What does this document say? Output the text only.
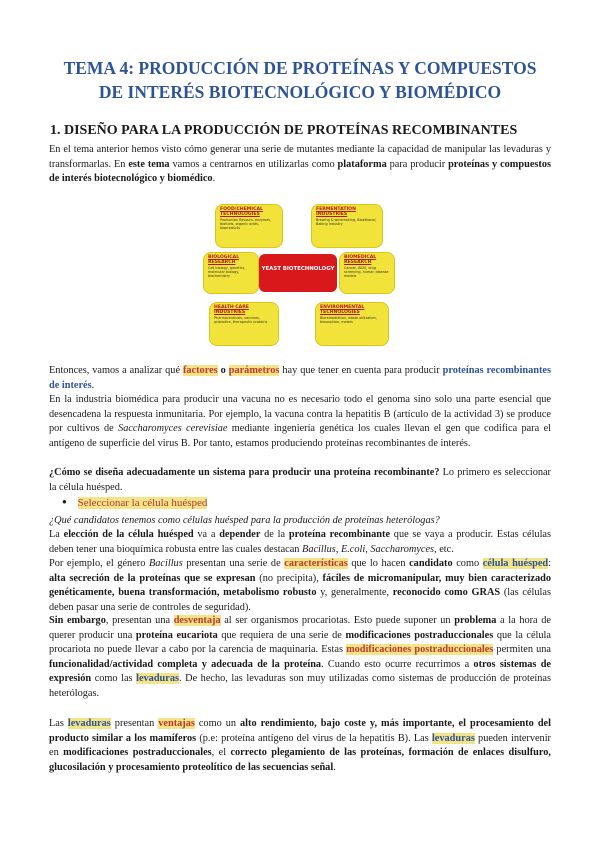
TEMA 4: PRODUCCIÓN DE PROTEÍNAS Y COMPUESTOS
DE INTERÉS BIOTECNOLÓGICO Y BIOMÉDICO
1. DISEÑO PARA LA PRODUCCIÓN DE PROTEÍNAS RECOMBINANTES
En el tema anterior hemos visto cómo generar una serie de mutantes mediante la capacidad de manipular las levaduras y transformarlas. En este tema vamos a centrarnos en utilizarlas como plataforma para producir proteínas y compuestos de interés biotecnológico y biomédico.
FOOD/CHEMICAL TECHNOLOGIES
Production flavours, enzymes, biofuels, organic acids, bioproducts
FERMENTATION INDUSTRIES
Brewing & winemaking, Bioethanol, Baking industry
BIOLOGICAL RESEARCH
Cell biology, genetics, molecular biology, biochemistry
YEAST BIOTECHNOLOGY
BIOMEDICAL RESEARCH
Cancer, AIDS, drug screening, human disease models
HEALTH CARE INDUSTRIES
Pharmaceuticals, vaccines, probiotics, therapeutic proteins
ENVIRONMENTAL TECHNOLOGIES
Bioremediation, waste utilization, biosorption, metals
Entonces, vamos a analizar qué factores o parámetros hay que tener en cuenta para producir proteínas recombinantes de interés.
En la industria biomédica para producir una vacuna no es necesario todo el genoma sino solo una parte esencial que desencadena la respuesta inmunitaria. Por ejemplo, la vacuna contra la hepatitis B (artículo de la actividad 3) se produce por cultivos de Saccharomyces cerevisiae mediante ingeniería genética los cuales llevan el gen que codifica para el antígeno de superficie del virus B. Por tanto, estamos produciendo proteínas recombinantes de interés.
¿Cómo se diseña adecuadamente un sistema para producir una proteína recombinante? Lo primero es seleccionar la célula huésped.
● Seleccionar la célula huésped
¿Qué candidatos tenemos como células huésped para la producción de proteínas heterólogas?
La elección de la célula huésped va a depender de la proteína recombinante que se vaya a producir. Estas células deben tener una bioquímica robusta entre las cuales destacan Bacillus, E.coli, Saccharomyces, etc.
Por ejemplo, el género Bacillus presentan una serie de características que lo hacen candidato como célula huésped: alta secreción de la proteínas que se expresan (no precipita), fáciles de micromanipular, muy bien caracterizado genéticamente, buena transformación, metabolismo robusto y, generalmente, reconocido como GRAS (las células deben pasar una serie de controles de seguridad).
Sin embargo, presentan una desventaja al ser organismos procariotas. Esto puede suponer un problema a la hora de querer producir una proteína eucariota que requiera de una serie de modificaciones postraduccionales que la célula procariota no puede llevar a cabo por la carencia de maquinaria. Estas modificaciones postraduccionales permiten una funcionalidad/actividad completa y adecuada de la proteína. Cuando esto ocurre recurrimos a otros sistemas de expresión como las levaduras. De hecho, las levaduras son muy utilizadas como sistemas de producción de proteínas heterólogas.
Las levaduras presentan ventajas como un alto rendimiento, bajo coste y, más importante, el procesamiento del producto similar a los mamíferos (p.e: proteína antígeno del virus de la hepatitis B). Las levaduras pueden intervenir en modificaciones postraduccionales, el correcto plegamiento de las proteínas, formación de enlaces disulfuro, glucosilación y procesamiento proteolítico de las secuencias señal.
